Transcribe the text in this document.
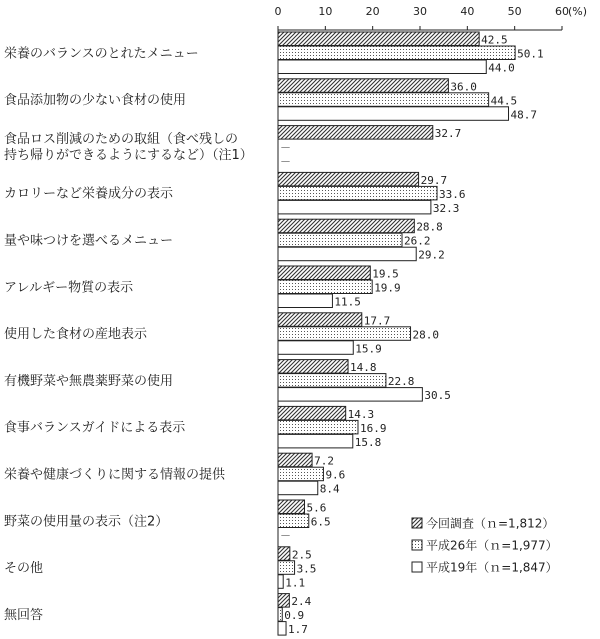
0	10	20	30	40	50	60 (%)
栄養のバランスのとれたメニュー
食品添加物の少ない食材の使用
食品ロス削減のための取組（食べ残しの
持ち帰りができるようにするなど）（注1）
カロリーなど栄養成分の表示
量や味つけを選べるメニュー
アレルギー物質の表示
使用した食材の産地表示
有機野菜や無農薬野菜の使用
食事バランスガイドによる表示
栄養や健康づくりに関する情報の提供
野菜の使用量の表示（注2）
その他
無回答
42.5
50.1
44.0
36.0
44.5
48.7
32.7
－
－
29.7
33.6
32.3
28.8
26.2
29.2
19.5
19.9
11.5
17.7
28.0
15.9
14.8
22.8
30.5
14.3
16.9
15.8
7.2
9.6
8.4
5.6
6.5
－
2.5
3.5
1.1
2.4
0.9
1.7
今回調査（ｎ=1,812）
平成26年（ｎ=1,977）
平成19年（ｎ=1,847）
